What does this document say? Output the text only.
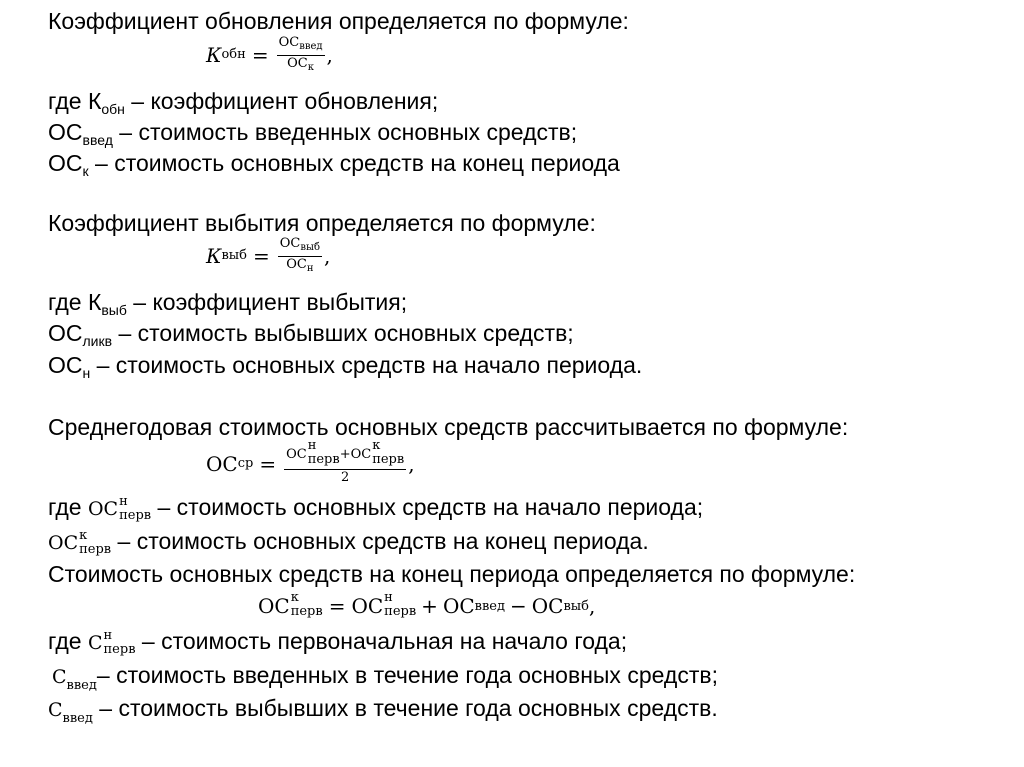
Коэффициент обновления определяется по формуле:
К обн = $\frac{ОС_{введ}}{ОС_к}$ ,
где $К_{обн}$ – коэффициент обновления;
$ОС_{введ}$ – стоимость введенных основных средств;
$ОС_к$ – стоимость основных средств на конец периода
Коэффициент выбытия определяется по формуле:
К выб = $\frac{ОС_{выб}}{ОС_н}$ ,
где $К_{выб}$ – коэффициент выбытия;
$ОС_{ликв}$ – стоимость выбывших основных средств;
$ОС_н$ – стоимость основных средств на начало периода.
Среднегодовая стоимость основных средств рассчитывается по формуле:
ОС ср = ОС
н
перв +ОС
к
перв
2 ,
где ОС н
перв – стоимость основных средств на начало периода;
ОС к
перв – стоимость основных средств на конец периода.
Стоимость основных средств на конец периода определяется по формуле:
ОС к
перв = ОС н
перв + ОС введ − ОС выб ,
где С н
перв – стоимость первоначальная на начало года;
$С_{введ}-$ стоимость введенных в течение года основных средств;
$С_{введ}$ – стоимость выбывших в течение года основных средств.
